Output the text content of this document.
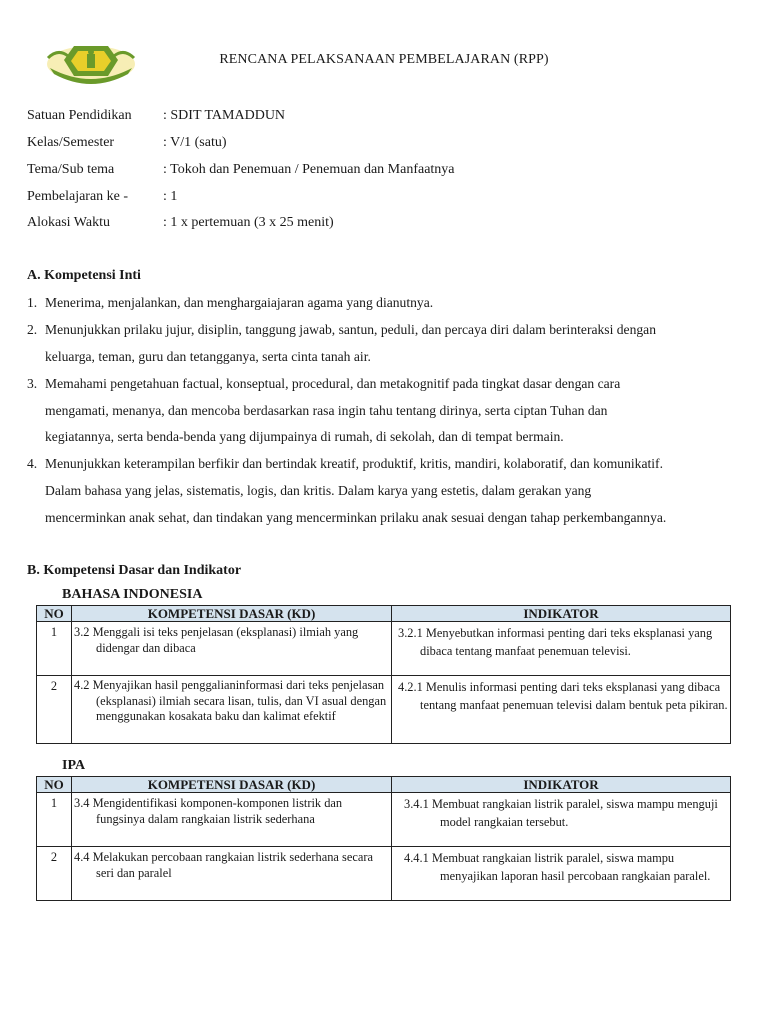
RENCANA PELAKSANAAN PEMBELAJARAN (RPP)
Satuan Pendidikan : SDIT TAMADDUN
Kelas/Semester	: V/1 (satu)
Tema/Sub tema	: Tokoh dan Penemuan / Penemuan dan Manfaatnya
Pembelajaran ke - : 1
Alokasi Waktu	: 1 x pertemuan (3 x 25 menit)
A. Kompetensi Inti
1. Menerima, menjalankan, dan menghargaiajaran agama yang dianutnya.
2. Menunjukkan prilaku jujur, disiplin, tanggung jawab, santun, peduli, dan percaya diri dalam berinteraksi dengan
keluarga, teman, guru dan tetangganya, serta cinta tanah air.
3. Memahami pengetahuan factual, konseptual, procedural, dan metakognitif pada tingkat dasar dengan cara
mengamati, menanya, dan mencoba berdasarkan rasa ingin tahu tentang dirinya, serta ciptan Tuhan dan
kegiatannya, serta benda-benda yang dijumpainya di rumah, di sekolah, dan di tempat bermain.
4. Menunjukkan keterampilan berfikir dan bertindak kreatif, produktif, kritis, mandiri, kolaboratif, dan komunikatif.
Dalam bahasa yang jelas, sistematis, logis, dan kritis. Dalam karya yang estetis, dalam gerakan yang
mencerminkan anak sehat, dan tindakan yang mencerminkan prilaku anak sesuai dengan tahap perkembangannya.
B. Kompetensi Dasar dan Indikator
BAHASA INDONESIA
NO	KOMPETENSI DASAR (KD)	INDIKATOR
1	3.2 Menggali isi teks penjelasan (eksplanasi) ilmiah yang didengar dan dibaca	3.2.1 Menyebutkan informasi penting dari teks eksplanasi yang dibaca tentang manfaat penemuan televisi.
2	4.2 Menyajikan hasil penggalianinformasi dari teks penjelasan (eksplanasi) ilmiah secara lisan, tulis, dan VI asual dengan menggunakan kosakata baku dan kalimat efektif	4.2.1 Menulis informasi penting dari teks eksplanasi yang dibaca tentang manfaat penemuan televisi dalam bentuk peta pikiran.
IPA
NO	KOMPETENSI DASAR (KD)	INDIKATOR
1	3.4 Mengidentifikasi komponen-komponen listrik dan fungsinya dalam rangkaian listrik sederhana	3.4.1 Membuat rangkaian listrik paralel, siswa mampu menguji model rangkaian tersebut.
2	4.4 Melakukan percobaan rangkaian listrik sederhana secara seri dan paralel	4.4.1 Membuat rangkaian listrik paralel, siswa mampu menyajikan laporan hasil percobaan rangkaian paralel.
